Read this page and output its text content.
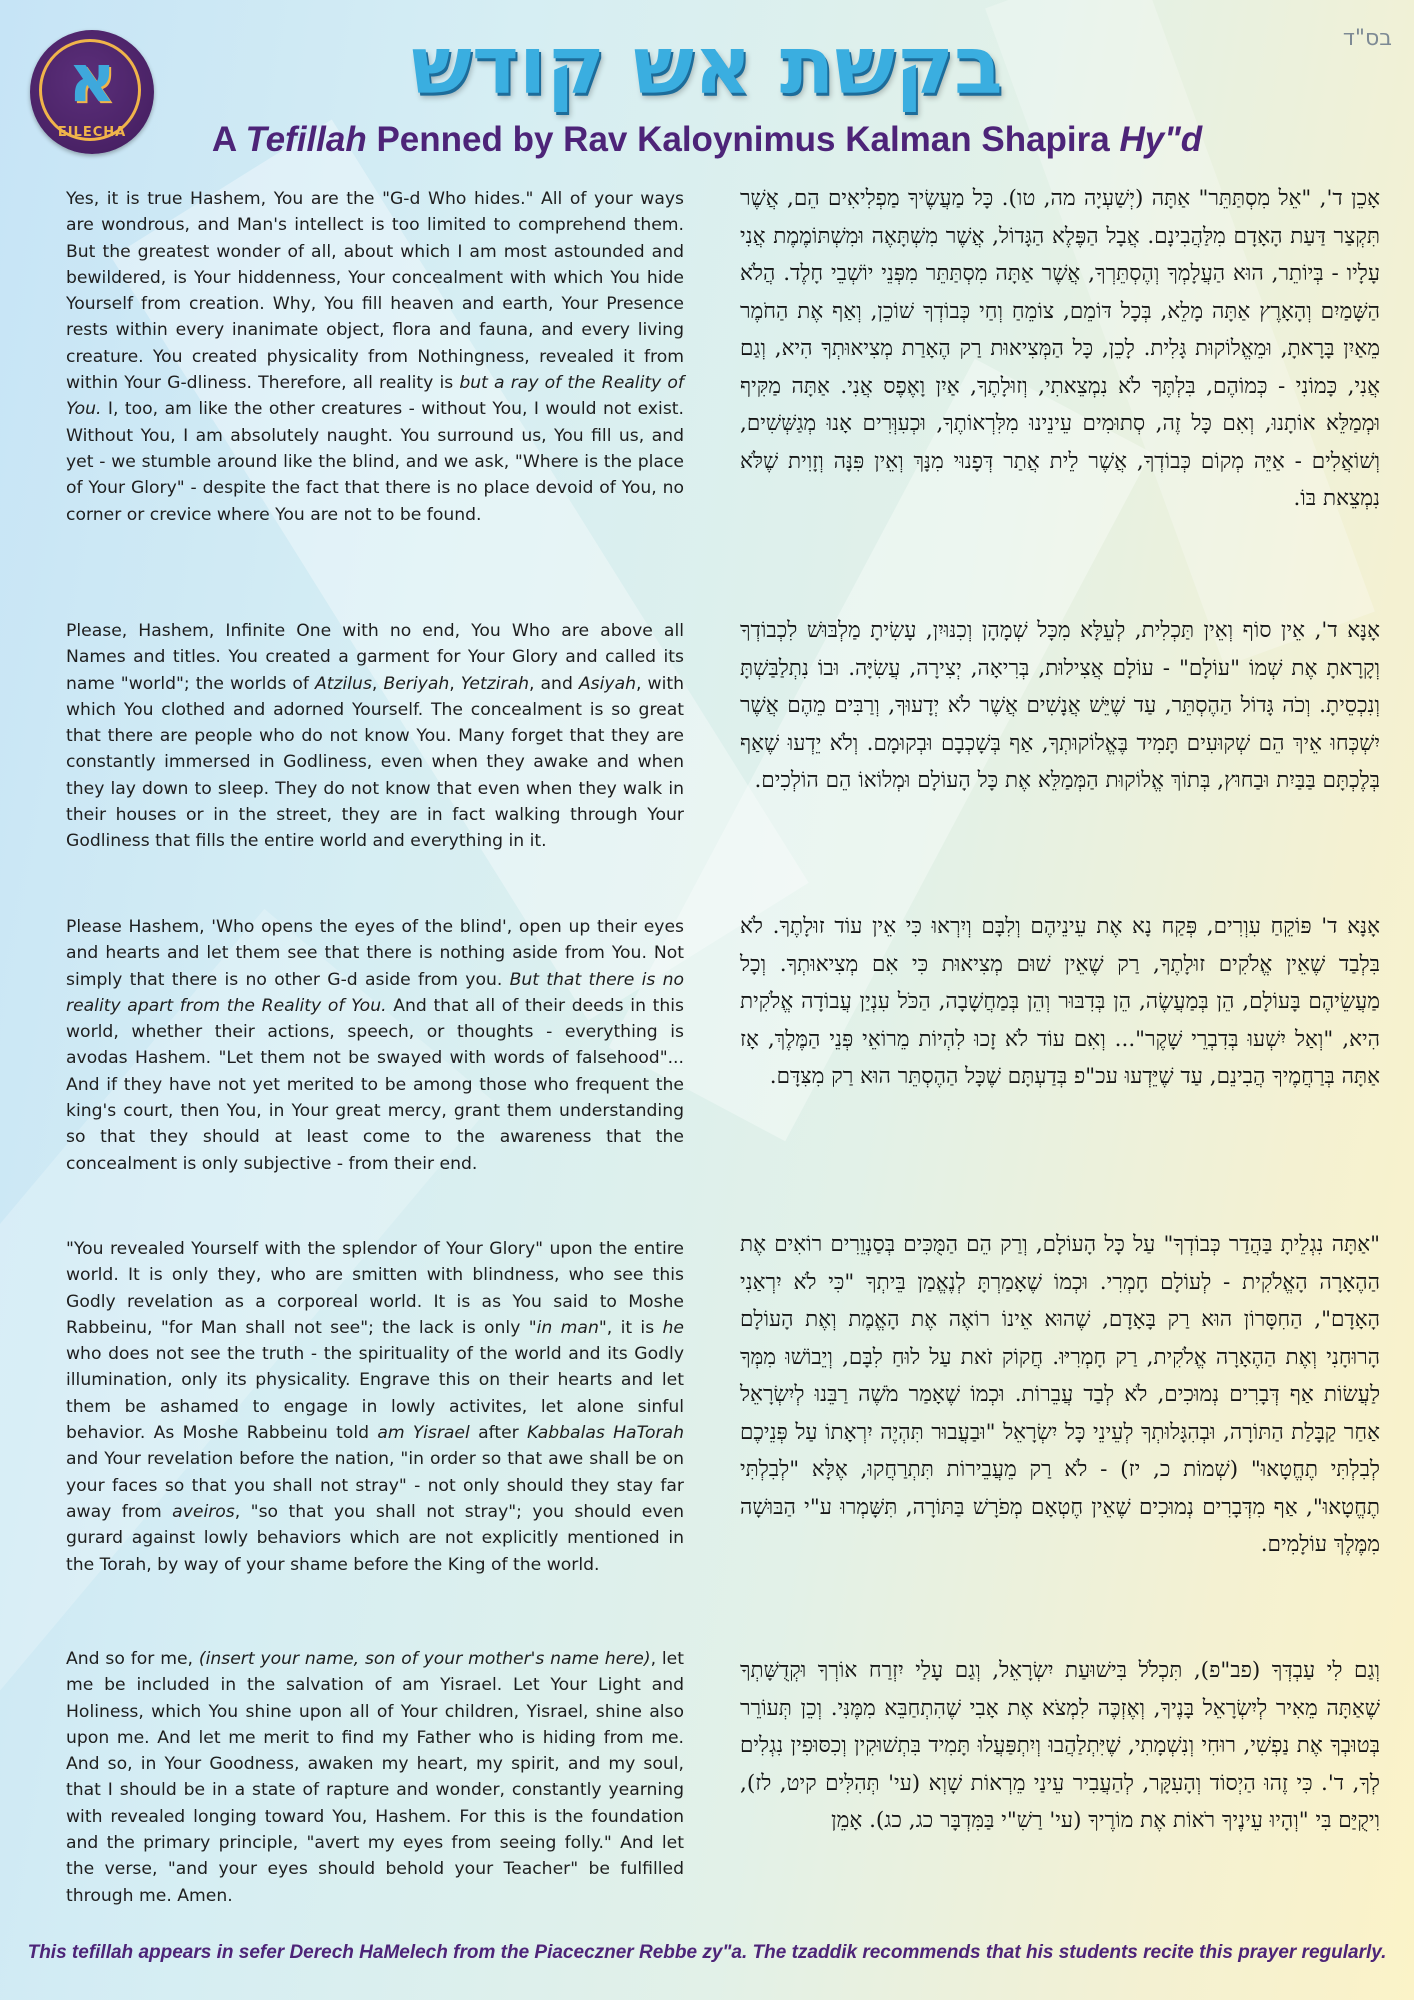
בס"ד
א
EILECHA
בקשת אש קודש
A Tefillah Penned by Rav Kaloynimus Kalman Shapira Hy"d

Yes, it is true Hashem, You are the "G-d Who hides." All of your ways are wondrous, and Man's intellect is too limited to comprehend them. But the greatest wonder of all, about which I am most astounded and bewildered, is Your hiddenness, Your concealment with which You hide Yourself from creation. Why, You fill heaven and earth, Your Presence rests within every inanimate object, flora and fauna, and every living creature. You created physicality from Nothingness, revealed it from within Your G-dliness. Therefore, all reality is but a ray of the Reality of You. I, too, am like the other creatures - without You, I would not exist. Without You, I am absolutely naught. You surround us, You fill us, and yet - we stumble around like the blind, and we ask, "Where is the place of Your Glory" - despite the fact that there is no place devoid of You, no corner or crevice where You are not to be found.

Please, Hashem, Infinite One with no end, You Who are above all Names and titles. You created a garment for Your Glory and called its name "world"; the worlds of Atzilus, Beriyah, Yetzirah, and Asiyah, with which You clothed and adorned Yourself. The concealment is so great that there are people who do not know You. Many forget that they are constantly immersed in Godliness, even when they awake and when they lay down to sleep. They do not know that even when they walk in their houses or in the street, they are in fact walking through Your Godliness that fills the entire world and everything in it.

Please Hashem, 'Who opens the eyes of the blind', open up their eyes and hearts and let them see that there is nothing aside from You. Not simply that there is no other G-d aside from you. But that there is no reality apart from the Reality of You. And that all of their deeds in this world, whether their actions, speech, or thoughts - everything is avodas Hashem. "Let them not be swayed with words of falsehood"... And if they have not yet merited to be among those who frequent the king's court, then You, in Your great mercy, grant them understanding so that they should at least come to the awareness that the concealment is only subjective - from their end.

"You revealed Yourself with the splendor of Your Glory" upon the entire world. It is only they, who are smitten with blindness, who see this Godly revelation as a corporeal world. It is as You said to Moshe Rabbeinu, "for Man shall not see"; the lack is only "in man", it is he who does not see the truth - the spirituality of the world and its Godly illumination, only its physicality. Engrave this on their hearts and let them be ashamed to engage in lowly activites, let alone sinful behavior. As Moshe Rabbeinu told am Yisrael after Kabbalas HaTorah and Your revelation before the nation, "in order so that awe shall be on your faces so that you shall not stray" - not only should they stay far away from aveiros, "so that you shall not stray"; you should even gurard against lowly behaviors which are not explicitly mentioned in the Torah, by way of your shame before the King of the world.

And so for me, (insert your name, son of your mother's name here), let me be included in the salvation of am Yisrael. Let Your Light and Holiness, which You shine upon all of Your children, Yisrael, shine also upon me. And let me merit to find my Father who is hiding from me. And so, in Your Goodness, awaken my heart, my spirit, and my soul, that I should be in a state of rapture and wonder, constantly yearning with revealed longing toward You, Hashem. For this is the foundation and the primary principle, "avert my eyes from seeing folly." And let the verse, "and your eyes should behold your Teacher" be fulfilled through me. Amen.

אָכֵן ד', "אֵל מִסְתַּתֵּר" אַתָּה (יְשַׁעְיָה מה, טו). כָּל מַעֲשֶׂיךָ מַפְלִיאִים הֵם, אֲשֶׁר תִּקְצַר דַּעַת הָאָדָם מִלַּהֲבִינָם. אֲבָל הַפֶּלֶא הַגָּדוֹל, אֲשֶׁר מִשְׁתָּאֶה וּמִשְׁתּוֹמֶמֶת אֲנִי עָלָיו - בְּיוֹתֵר, הוּא הַעֲלָמְךָ וְהֶסְתֵּרְךָ, אֲשֶׁר אַתָּה מִסְתַּתֵּר מִפְּנֵי יוֹשְׁבֵי חָלֶד. הֲלֹא הַשָּׁמַיִם וְהָאָרֶץ אַתָּה מָלֵא, בְּכָל דּוֹמֵם, צוֹמֵחַ וְחַי כְּבוֹדְךָ שׁוֹכֵן, וְאַף אֶת הַחֹמֶר מֵאַיִן בָּרָאתָ, וּמֵאֱלוֹקוּת גָּלִית. לָכֵן, כָּל הַמְּצִיאוּת רַק הֶאָרַת מְצִיאוּתְךָ הִיא, וְגַם אֲנִי, כָּמוֹנִי - כְּמוֹהֶם, בִּלְתֶּךָ לֹא נִמְצֵאתִי, וְזוּלָתֶךָ, אַיִן וָאֶפֶס אֲנִי. אַתָּה מַקִּיף וּמְמַלֵּא אוֹתָנוּ, וְאִם כָּל זֶה, סְתוּמִים עֵינֵינוּ מִלִּרְאוֹתֶךָ, וּכְעִוְּרִים אָנוּ מְגַשְּׁשִׁים, וְשׁוֹאֲלִים - אַיֵּה מְקוֹם כְּבוֹדְךָ, אֲשֶׁר לֵית אֲתַר דְּפָנוּי מִנָּךְ וְאֵין פִּנָּה וְזָוִית שֶׁלֹּא נִמְצֵאת בּוֹ.

אָנָּא ד', אֵין סוֹף וְאֵין תַּכְלִית, לְעֵלָּא מִכָּל שְׁמָהָן וְכִנּוּיִן, עָשִׂיתָ מַלְבּוּשׁ לִכְבוֹדְךָ וְקָרָאתָ אֶת שְׁמוֹ "עוֹלָם" - עוֹלָם אֲצִילוּת, בְּרִיאָה, יְצִירָה, עֲשִׂיָּה. וּבוֹ נִתְלַבַּשְׁתָּ וְנִכְסֵיתָ. וְכֹה גָּדוֹל הַהֶסְתֵּר, עַד שֶׁיֵּשׁ אֲנָשִׁים אֲשֶׁר לֹא יְדָעוּךָ, וְרַבִּים מֵהֶם אֲשֶׁר יִשְׁכְּחוּ אֵיךְ הֵם שְׁקוּעִים תָּמִיד בֶּאֱלוֹקוּתְךָ, אַף בְּשָׁכְבָם וּבְקוּמָם. וְלֹא יֵדְעוּ שֶׁאַף בְּלֶכְתָּם בַּבַּיִת וּבַחוּץ, בְּתוֹךְ אֱלוֹקוּת הַמְּמַלֵּא אֶת כָּל הָעוֹלָם וּמְלוֹאוֹ הֵם הוֹלְכִים.

אָנָּא ד' פּוֹקֵחַ עִוְרִים, פְּקַח נָא אֶת עֵינֵיהֶם וְלִבָּם וְיִרְאוּ כִּי אֵין עוֹד זוּלָתֶךָ. לֹא בִּלְבַד שֶׁאֵין אֱלֹקִים זוּלָתֶךָ, רַק שֶׁאֵין שׁוּם מְצִיאוּת כִּי אִם מְצִיאוּתְךָ. וְכָל מַעֲשֵׂיהֶם בָּעוֹלָם, הֵן בְּמַעֲשֶׂה, הֵן בְּדִבּוּר וְהֵן בְּמַחֲשָׁבָה, הַכֹּל עִנְיַן עֲבוֹדָה אֱלֹקִית הִיא, "וְאַל יִשְׁעוּ בְּדִבְרֵי שָׁקֶר"... וְאִם עוֹד לֹא זָכוּ לִהְיוֹת מֵרוֹאֵי פְּנֵי הַמֶּלֶךְ, אָז אַתָּה בְּרַחֲמֶיךָ הֲבִינֵם, עַד שֶׁיֵּדְעוּ עכ"פ בְּדַעְתָּם שֶׁכָּל הַהֶסְתֵּר הוּא רַק מִצִּדָּם.

"אַתָּה נִגְלֵיתָ בַּהֲדַר כְּבוֹדְךָ" עַל כָּל הָעוֹלָם, וְרַק הֵם הַמֻּכִּים בְּסַנְוֵרִים רוֹאִים אֶת הַהֶאָרָה הָאֱלֹקִית - לְעוֹלָם חָמְרִי. וּכְמוֹ שֶׁאָמַרְתָּ לְנֶאֱמַן בֵּיתְךָ "כִּי לֹא יִרְאַנִי הָאָדָם", הַחִסָּרוֹן הוּא רַק בָּאָדָם, שֶׁהוּא אֵינוֹ רוֹאֶה אֶת הָאֱמֶת וְאֶת הָעוֹלָם הָרוּחָנִי וְאֶת הַהֶאָרָה אֱלֹקִית, רַק חָמְרִיּוּ. חֲקוֹק זֹאת עַל לוּחַ לִבָּם, וְיֵבוֹשׁוּ מִמְּךָ לַעֲשׂוֹת אַף דְּבָרִים נְמוּכִים, לֹא לְבַד עֲבֵרוֹת. וּכְמוֹ שֶׁאָמַר מֹשֶׁה רַבֵּנוּ לְיִשְׂרָאֵל אַחַר קַבָּלַת הַתּוֹרָה, וּבְהִגָּלוּתְךָ לְעֵינֵי כָּל יִשְׂרָאֵל "וּבַעֲבוּר תִּהְיֶה יִרְאָתוֹ עַל פְּנֵיכֶם לְבִלְתִּי תֶחֱטָאוּ" (שְׁמוֹת כ, יז) - לֹא רַק מֵעֲבֵירוֹת תִּתְרַחֲקוּ, אֶלָּא "לְבִלְתִּי תֶחֱטָאוּ", אַף מִדְּבָרִים נְמוּכִים שֶׁאֵין חֶטְאָם מְפֹרָשׁ בַּתּוֹרָה, תִּשָּׁמְרוּ ע"י הַבּוּשָׁה מִמֶּלֶךְ עוֹלָמִים.

וְגַם לִי עַבְדְּךָ (פב"פ), תִּכְלֹל בִּישׁוּעַת יִשְׂרָאֵל, וְגַם עָלַי יִזְרַח אוֹרְךָ וּקְדֻשָּׁתְךָ שֶׁאַתָּה מֵאִיר לְיִשְׂרָאֵל בָּנֶיךָ, וְאֶזְכֶּה לִמְצֹא אֶת אָבִי שֶׁהִתְחַבֵּא מִמֶּנִּי. וְכֵן תְּעוֹרֵר בְּטוּבְךָ אֶת נַפְשִׁי, רוּחִי וְנִשְׁמָתִי, שֶׁיִּתְלַהֲבוּ וְיִתְפַּעֲלוּ תָּמִיד בִּתְשׁוּקִין וְכִסּוּפִין נִגְלִים לְךָ, ד'. כִּי זֶהוּ הַיְסוֹד וְהָעִקָּר, לְהַעֲבִיר עֵינַי מֵרְאוֹת שָׁוְא (עי' תְּהִלִּים קיט, לז), וִיקֻיַּם בִּי "וְהָיוּ עֵינֶיךָ רֹאוֹת אֶת מוֹרֶיךָ (עי' רַשִׁ"י בַּמִּדְבָּר כג, כג). אָמֵן

This tefillah appears in sefer Derech HaMelech from the Piaceczner Rebbe zy"a. The tzaddik recommends that his students recite this prayer regularly.
